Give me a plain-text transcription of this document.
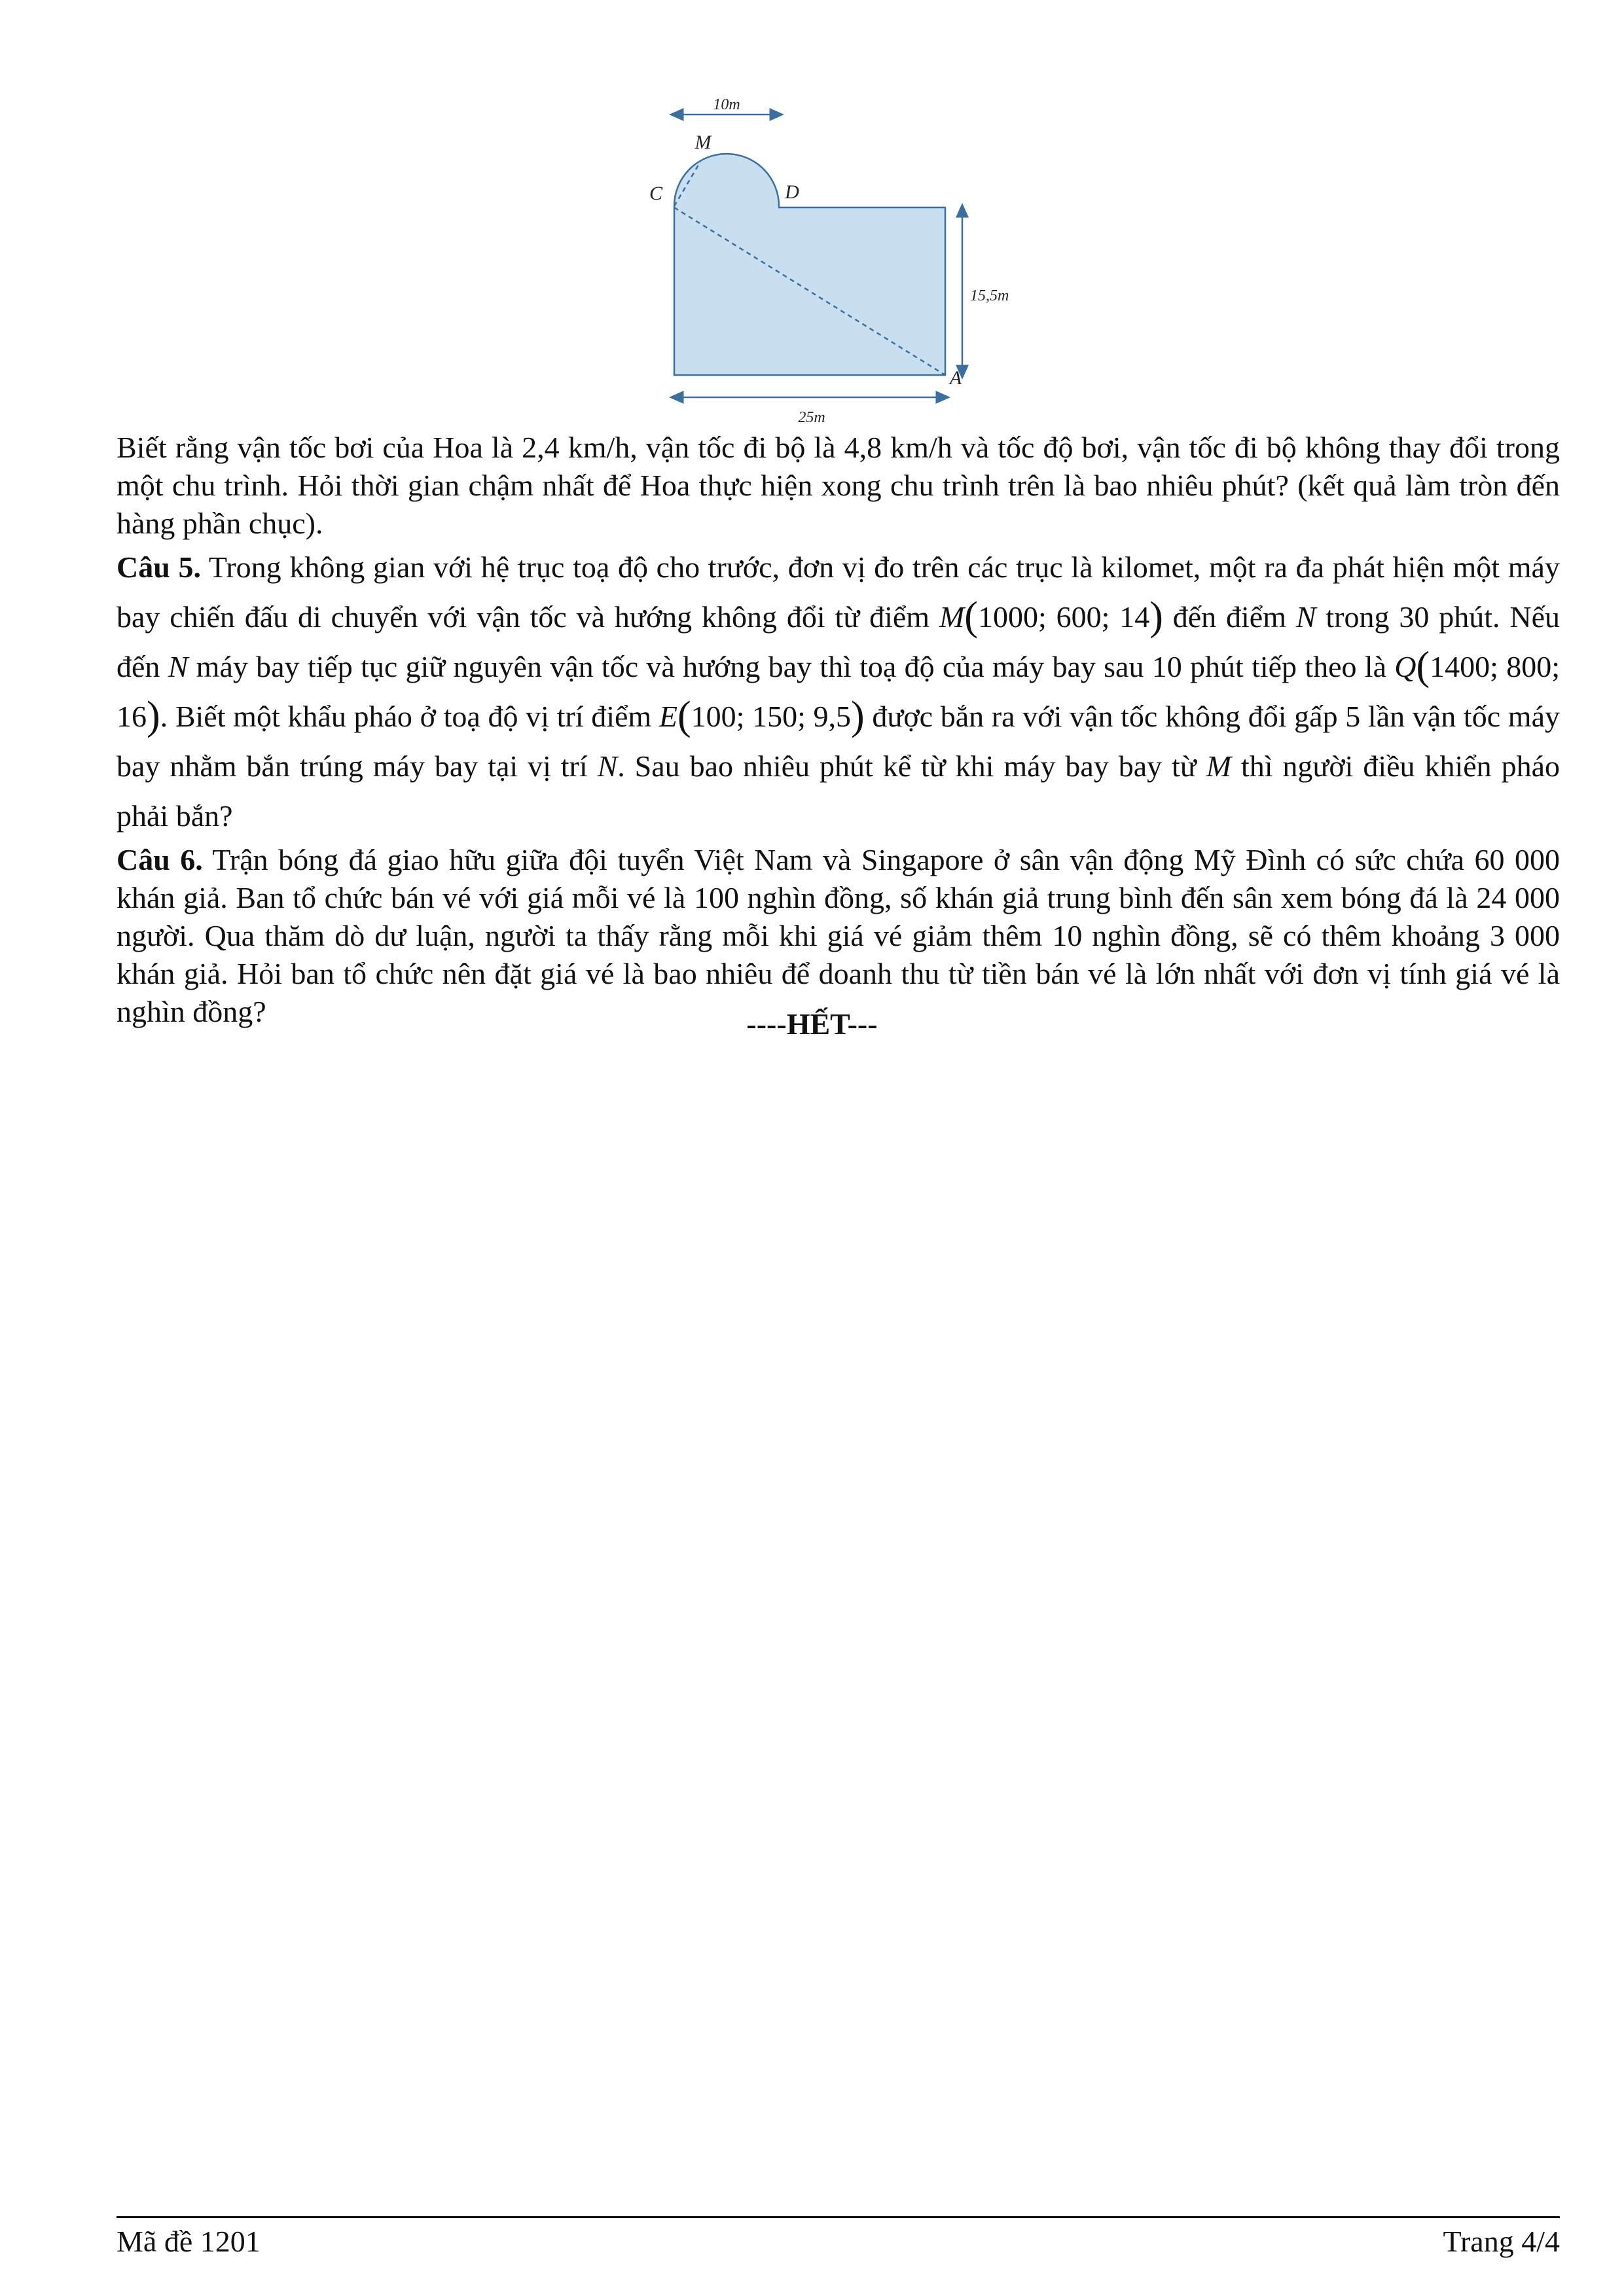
10m
15,5m
25m
M
C	D
A

Biết rằng vận tốc bơi của Hoa là 2,4 km/h, vận tốc đi bộ là 4,8 km/h và tốc độ bơi, vận tốc đi bộ không thay đổi trong một chu trình. Hỏi thời gian chậm nhất để Hoa thực hiện xong chu trình trên là bao nhiêu phút? (kết quả làm tròn đến hàng phần chục).

Câu 5. Trong không gian với hệ trục toạ độ cho trước, đơn vị đo trên các trục là kilomet, một ra đa phát hiện một máy bay chiến đấu di chuyển với vận tốc và hướng không đổi từ điểm M(1000; 600; 14) đến điểm N trong 30 phút. Nếu đến N máy bay tiếp tục giữ nguyên vận tốc và hướng bay thì toạ độ của máy bay sau 10 phút tiếp theo là Q(1400; 800; 16). Biết một khẩu pháo ở toạ độ vị trí điểm E(100; 150; 9,5) được bắn ra với vận tốc không đổi gấp 5 lần vận tốc máy bay nhằm bắn trúng máy bay tại vị trí N. Sau bao nhiêu phút kể từ khi máy bay bay từ M thì người điều khiển pháo phải bắn?

Câu 6. Trận bóng đá giao hữu giữa đội tuyển Việt Nam và Singapore ở sân vận động Mỹ Đình có sức chứa 60 000 khán giả. Ban tổ chức bán vé với giá mỗi vé là 100 nghìn đồng, số khán giả trung bình đến sân xem bóng đá là 24 000 người. Qua thăm dò dư luận, người ta thấy rằng mỗi khi giá vé giảm thêm 10 nghìn đồng, sẽ có thêm khoảng 3 000 khán giả. Hỏi ban tổ chức nên đặt giá vé là bao nhiêu để doanh thu từ tiền bán vé là lớn nhất với đơn vị tính giá vé là nghìn đồng?	----HẾT---
Mã đề 1201	Trang 4/4
